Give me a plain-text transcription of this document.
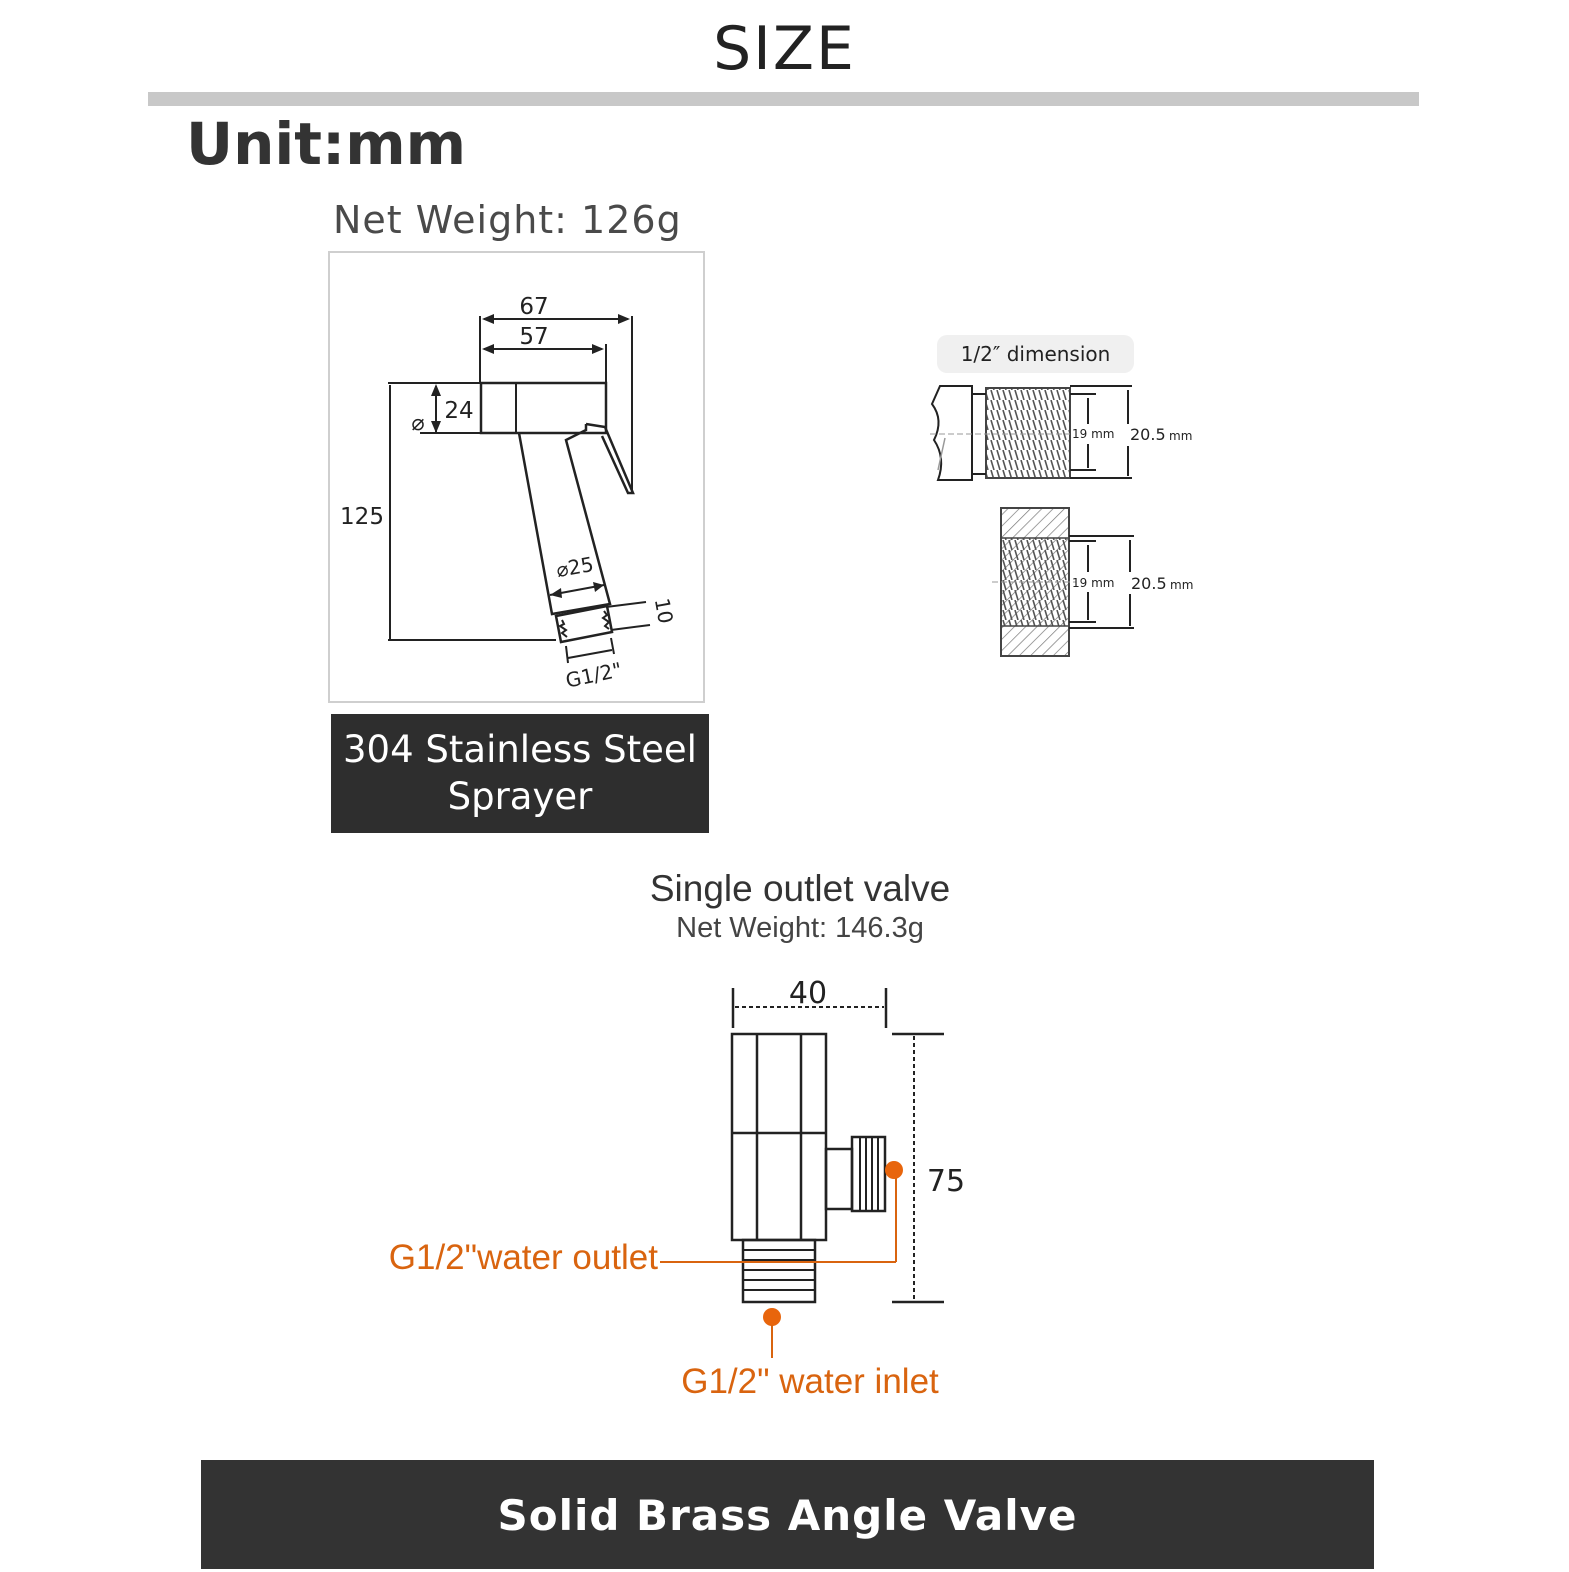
SIZE
Unit:mm
Net Weight: 126g
67
57
125
⌀ 24
⌀25
10
G1/2"
304 Stainless Steel
Sprayer
1/2″ dimension
19 mm 20.5 mm
19 mm 20.5 mm
Single outlet valve
Net Weight: 146.3g
40
75
G1/2"water outlet
G1/2" water inlet
Solid Brass Angle Valve
